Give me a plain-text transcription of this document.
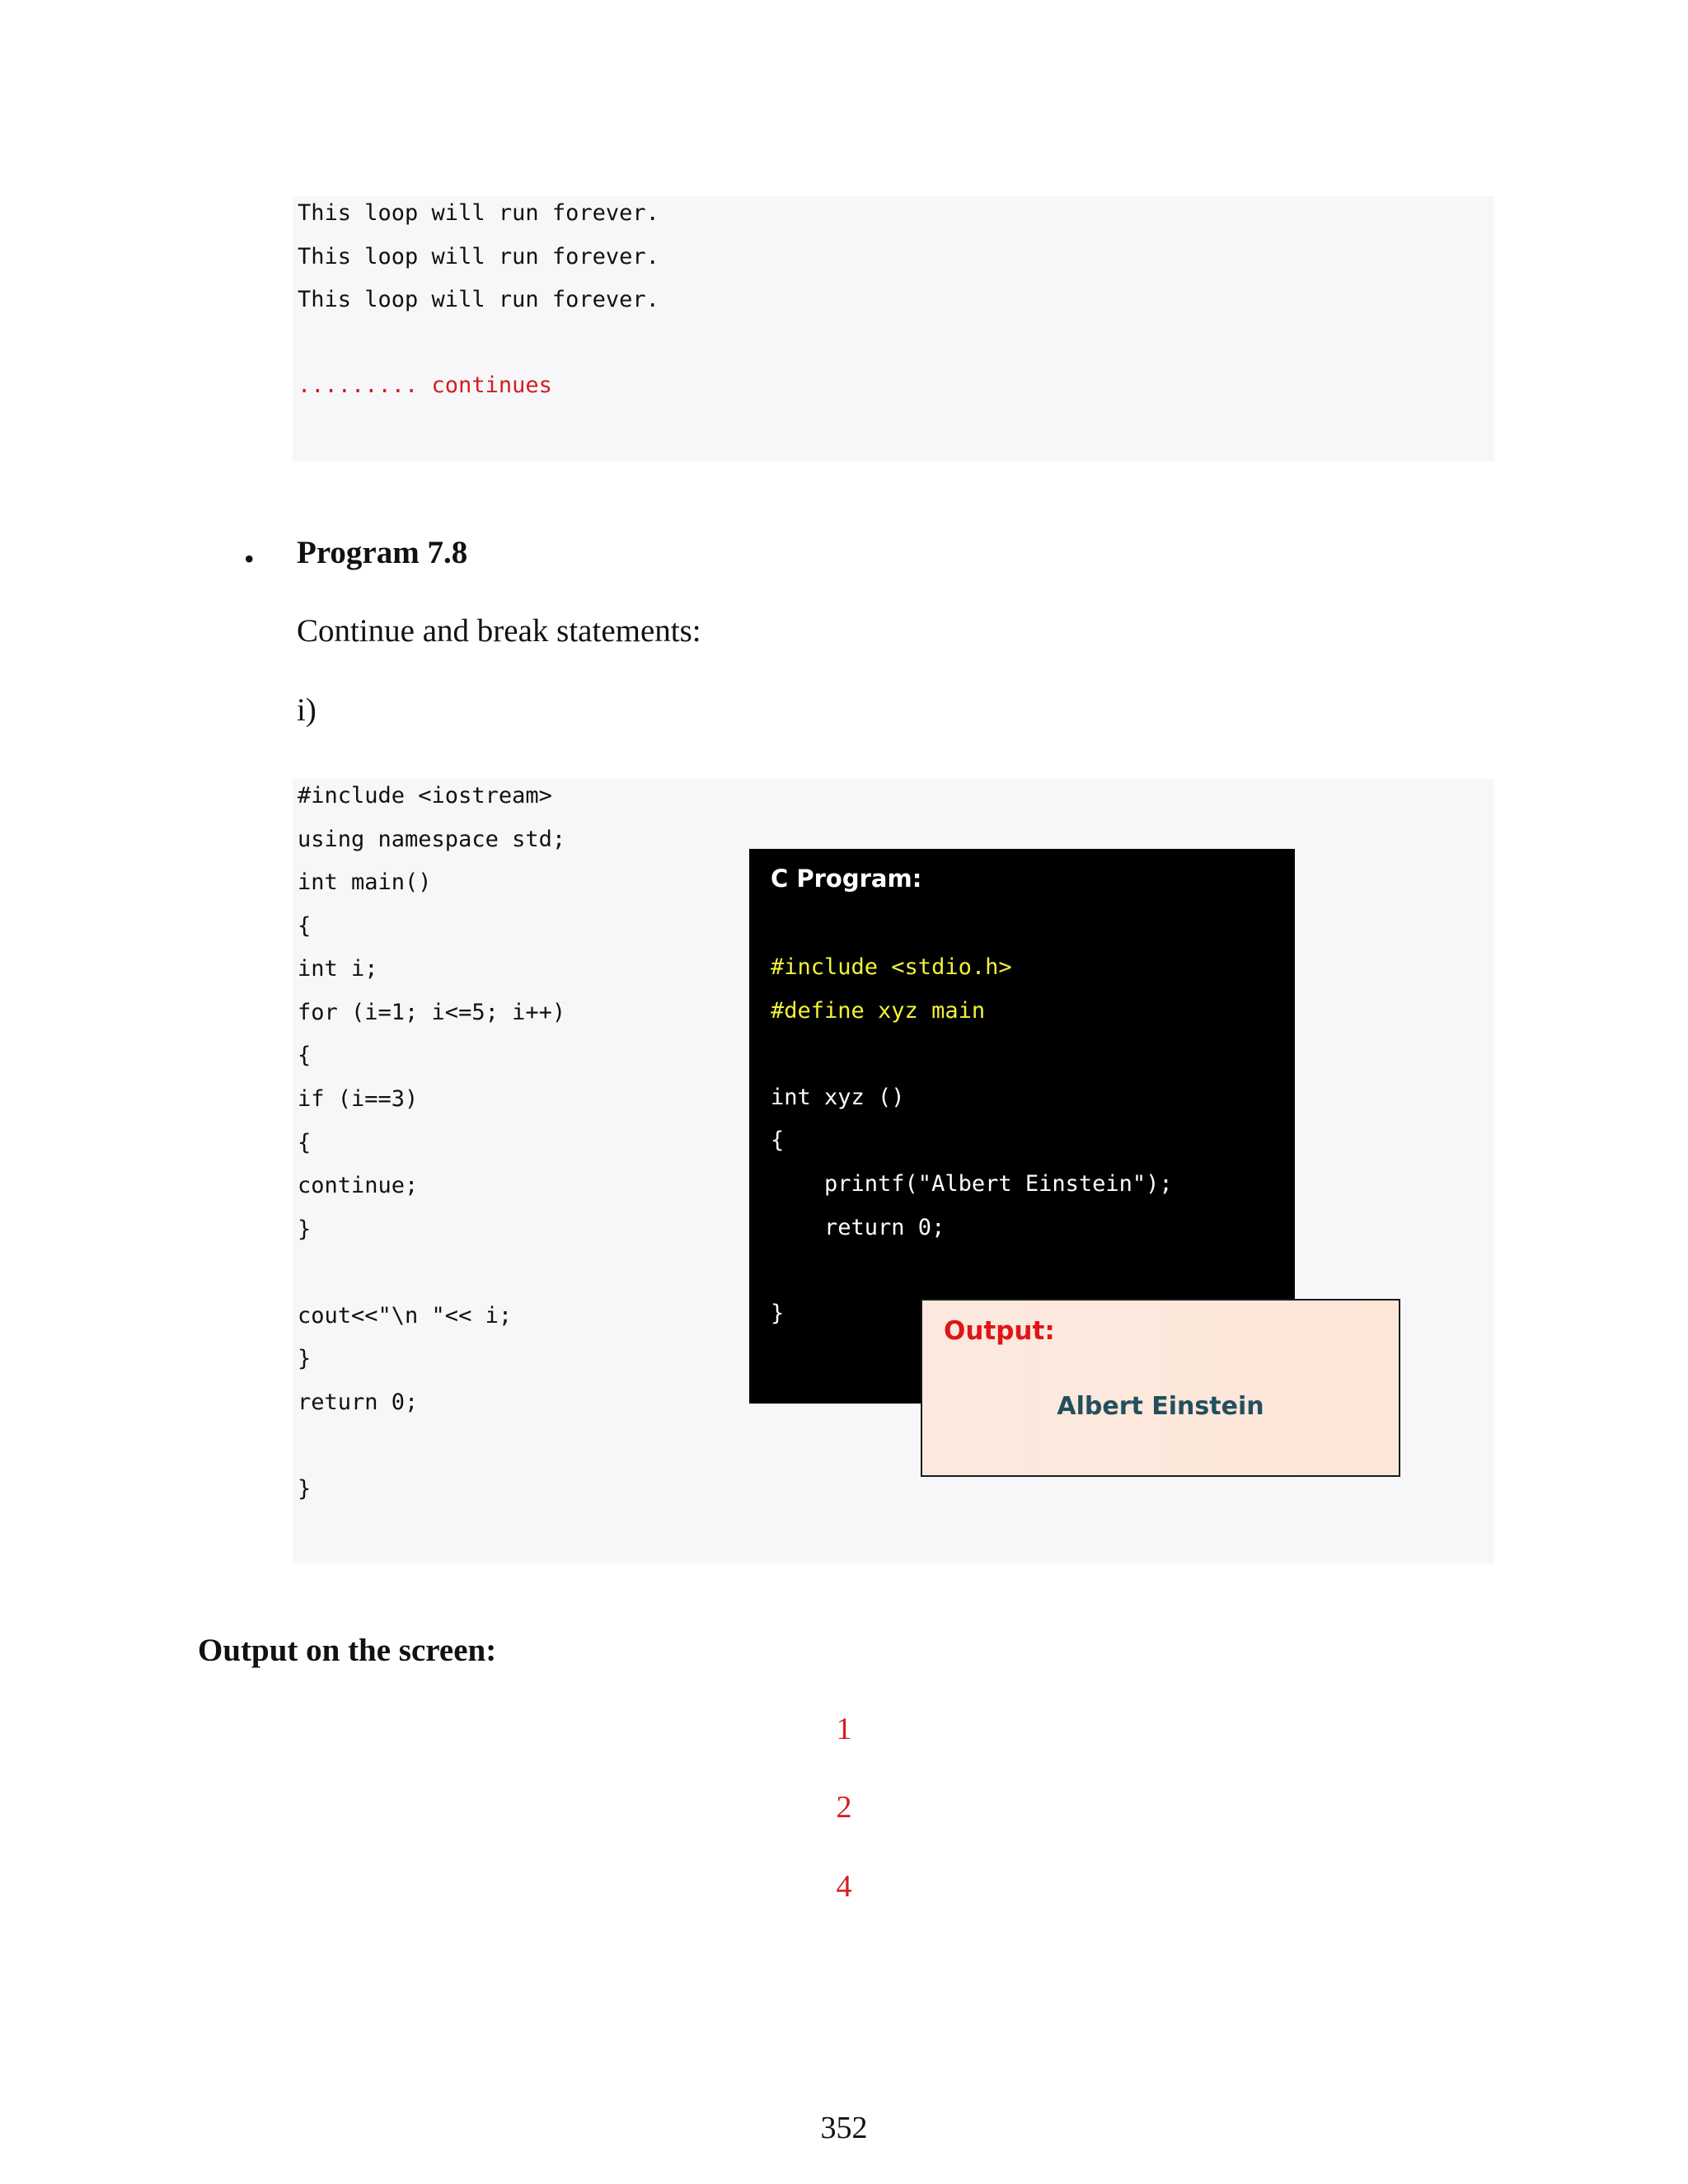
This loop will run forever.
This loop will run forever.
This loop will run forever.
......... continues
• Program 7.8
Continue and break statements:
i)
#include <iostream>
using namespace std;
int main()
{
int i;
for (i=1; i<=5; i++)
{
if (i==3)
{
continue;
}
cout<<"\n "<< i;
}
return 0;
}
C Program:
#include <stdio.h>
#define xyz main
int xyz ()
{
printf("Albert Einstein");
return 0;
}
Output:
Albert Einstein
Output on the screen:
1
2
4
352
